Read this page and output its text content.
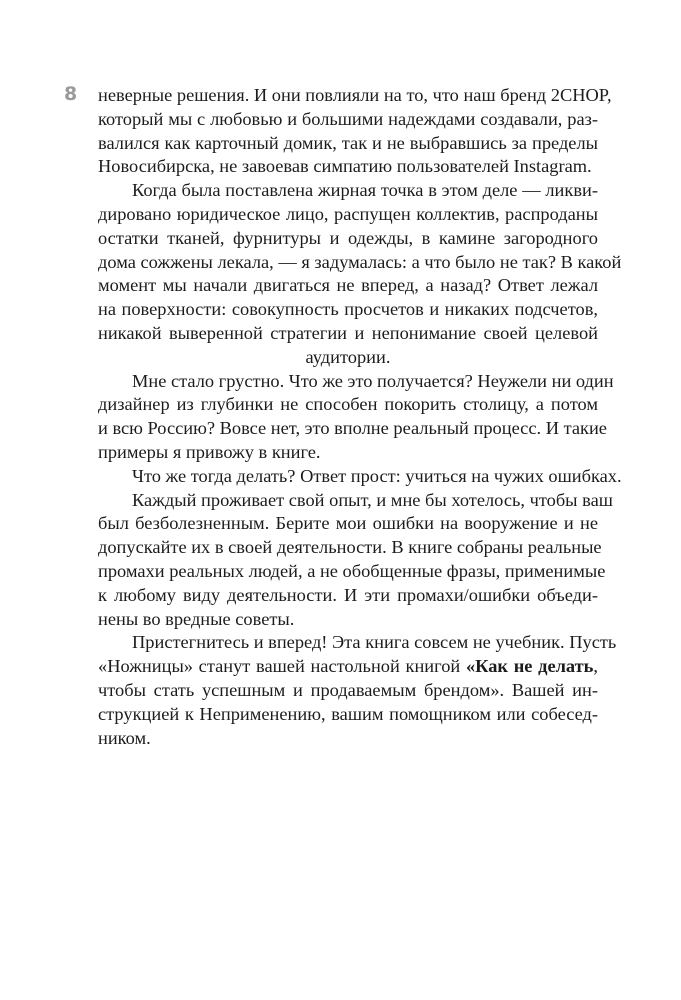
8 неверные решения. И они повлияли на то, что наш бренд 2CHOP,
который мы с любовью и большими надеждами создавали, раз-
валился как карточный домик, так и не выбравшись за пределы
Новосибирска, не завоевав симпатию пользователей Instagram.
Когда была поставлена жирная точка в этом деле — ликви-
дировано юридическое лицо, распущен коллектив, распроданы
остатки тканей, фурнитуры и одежды, в камине загородного
дома сожжены лекала, — я задумалась: а что было не так? В какой
момент мы начали двигаться не вперед, а назад? Ответ лежал
на поверхности: совокупность просчетов и никаких подсчетов,
никакой выверенной стратегии и непонимание своей целевой
аудитории.
Мне стало грустно. Что же это получается? Неужели ни один
дизайнер из глубинки не способен покорить столицу, а потом
и всю Россию? Вовсе нет, это вполне реальный процесс. И такие
примеры я привожу в книге.
Что же тогда делать? Ответ прост: учиться на чужих ошибках.
Каждый проживает свой опыт, и мне бы хотелось, чтобы ваш
был безболезненным. Берите мои ошибки на вооружение и не
допускайте их в своей деятельности. В книге собраны реальные
промахи реальных людей, а не обобщенные фразы, применимые
к любому виду деятельности. И эти промахи/ошибки объеди-
нены во вредные советы.
Пристегнитесь и вперед! Эта книга совсем не учебник. Пусть
«Ножницы» станут вашей настольной книгой «Как не делать,
чтобы стать успешным и продаваемым брендом». Вашей ин-
струкцией к Неприменению, вашим помощником или собесед-
ником.
